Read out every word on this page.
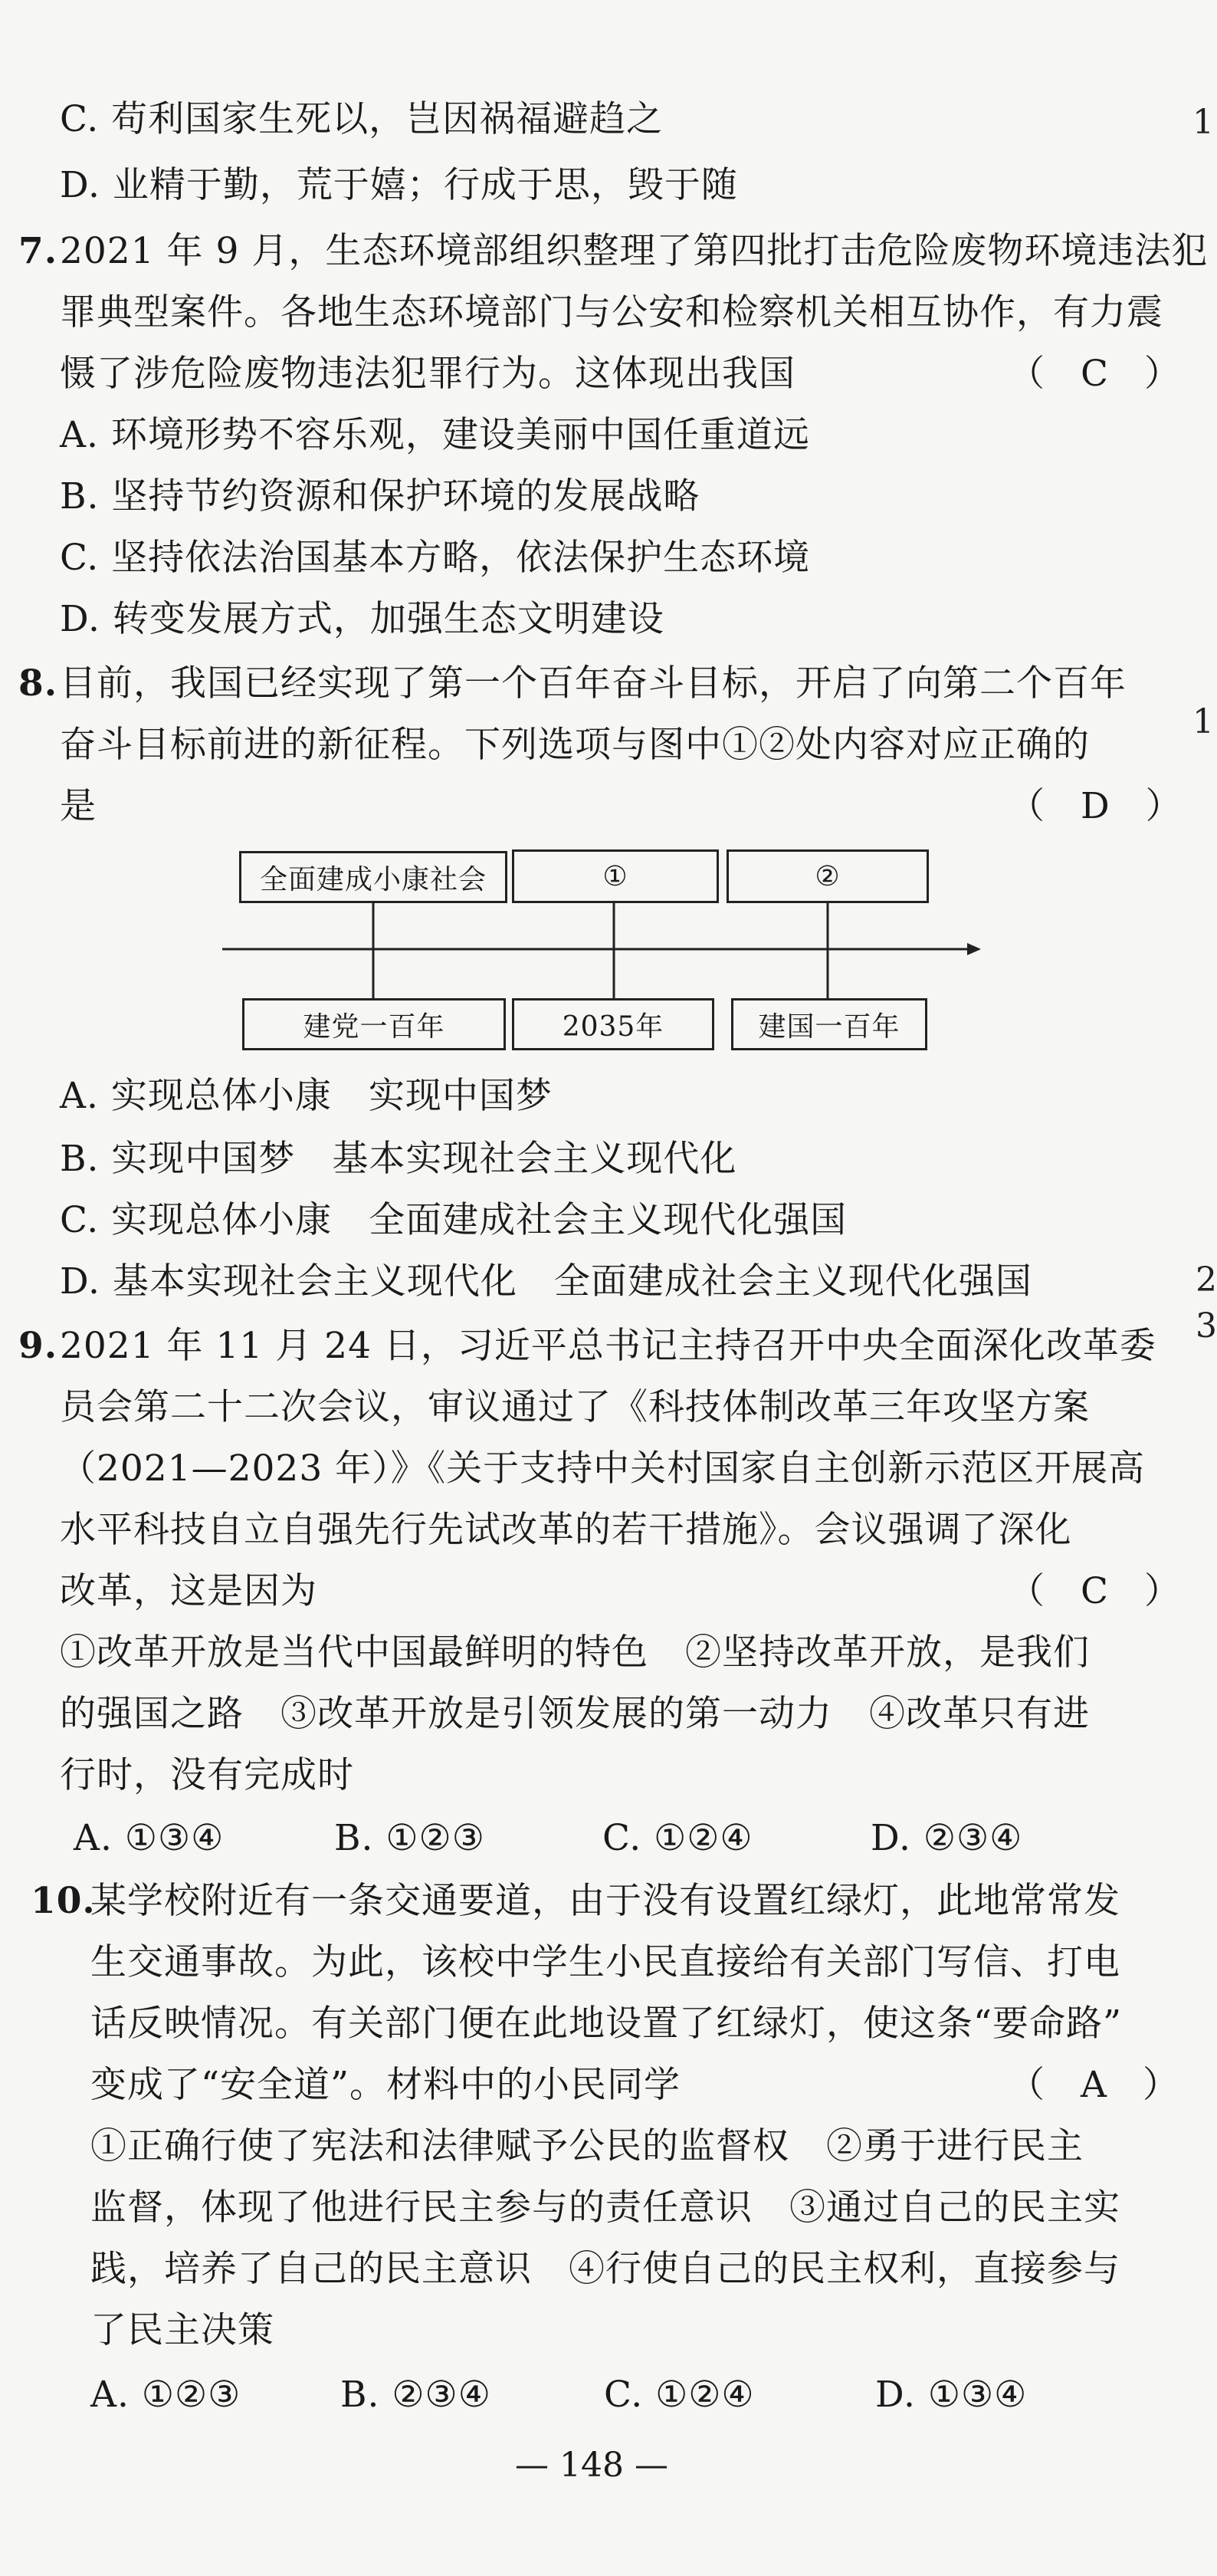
C. 苟利国家生死以，岂因祸福避趋之
D. 业精于勤，荒于嬉；行成于思，毁于随
1
1
2
3
7. 2021 年 9 月，生态环境部组织整理了第四批打击危险废物环境违法犯
罪典型案件。各地生态环境部门与公安和检察机关相互协作，有力震
慑了涉危险废物违法犯罪行为。这体现出我国	（　C　）
A. 环境形势不容乐观，建设美丽中国任重道远
B. 坚持节约资源和保护环境的发展战略
C. 坚持依法治国基本方略，依法保护生态环境
D. 转变发展方式，加强生态文明建设
8. 目前，我国已经实现了第一个百年奋斗目标，开启了向第二个百年
奋斗目标前进的新征程。下列选项与图中①②处内容对应正确的
是	（　D　）
全面建成小康社会	①	②
建党一百年	2035年	建国一百年
A. 实现总体小康　实现中国梦
B. 实现中国梦　基本实现社会主义现代化
C. 实现总体小康　全面建成社会主义现代化强国
D. 基本实现社会主义现代化　全面建成社会主义现代化强国
9. 2021 年 11 月 24 日，习近平总书记主持召开中央全面深化改革委
员会第二十二次会议，审议通过了《科技体制改革三年攻坚方案
（2021—2023 年）》《关于支持中关村国家自主创新示范区开展高
水平科技自立自强先行先试改革的若干措施》。会议强调了深化
改革，这是因为	（　C　）
①改革开放是当代中国最鲜明的特色　②坚持改革开放，是我们
的强国之路　③改革开放是引领发展的第一动力　④改革只有进
行时，没有完成时
A. ①③④	B. ①②③	C. ①②④	D. ②③④
10.
某学校附近有一条交通要道，由于没有设置红绿灯，此地常常发
生交通事故。为此，该校中学生小民直接给有关部门写信、打电
话反映情况。有关部门便在此地设置了红绿灯，使这条“要命路”
变成了“安全道”。材料中的小民同学	（　A　）
①正确行使了宪法和法律赋予公民的监督权　②勇于进行民主
监督，体现了他进行民主参与的责任意识　③通过自己的民主实
践，培养了自己的民主意识　④行使自己的民主权利，直接参与
了民主决策
A. ①②③	B. ②③④	C. ①②④	D. ①③④
— 148 —
